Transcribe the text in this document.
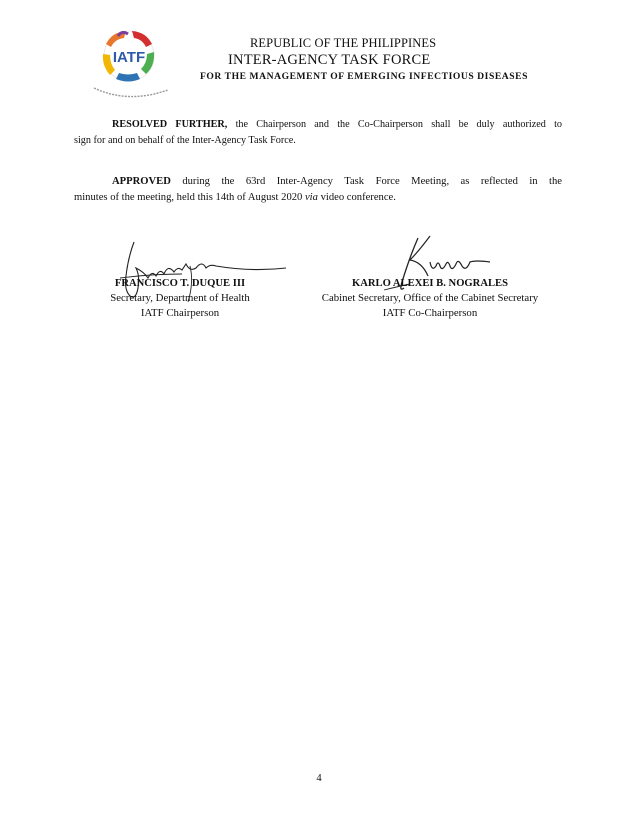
IATF
REPUBLIC OF THE PHILIPPINES
INTER-AGENCY TASK FORCE
FOR THE MANAGEMENT OF EMERGING INFECTIOUS DISEASES
RESOLVED FURTHER, the Chairperson and the Co-Chairperson shall be duly authorized to
sign for and on behalf of the Inter-Agency Task Force.
APPROVED during the 63rd Inter-Agency Task Force Meeting, as reflected in the
minutes of the meeting, held this 14th of August 2020 via video conference.
FRANCISCO T. DUQUE III
Secretary, Department of Health
IATF Chairperson
KARLO ALEXEI B. NOGRALES
Cabinet Secretary, Office of the Cabinet Secretary
IATF Co-Chairperson
4
